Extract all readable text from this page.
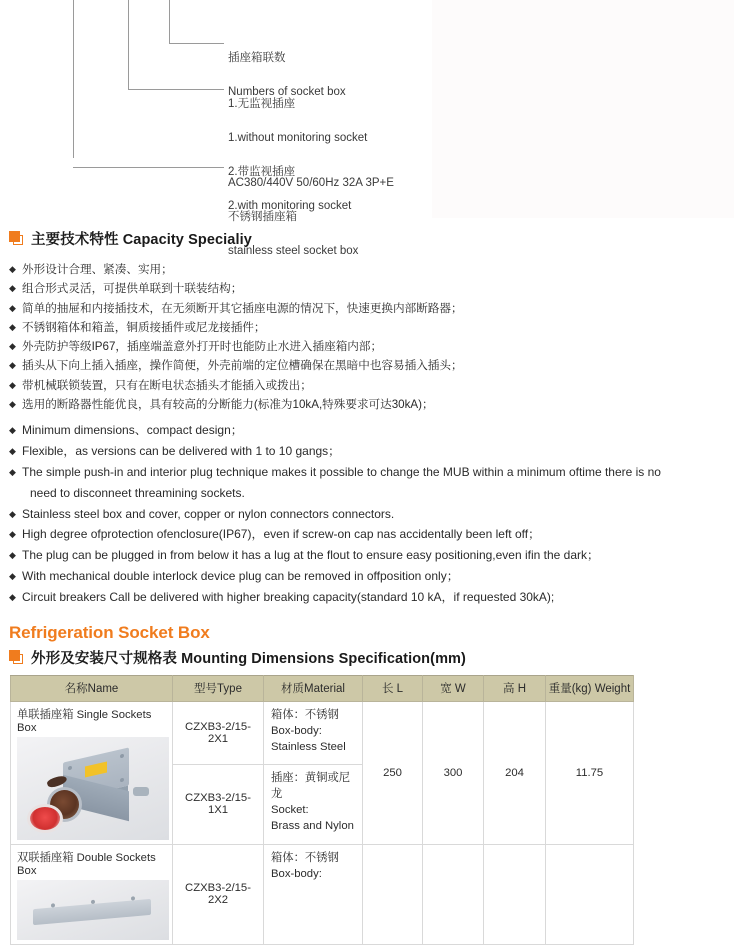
插座箱联数

Numbers of socket box

1.无监视插座

1.without monitoring socket

2.带监视插座

2.with monitoring socket

AC380/440V 50/60Hz 32A 3P+E

不锈钢插座箱

stainless steel socket box

主要技术特性 Capacity Specialiy
◆ 外形设计合理、紧凑、实用；
◆ 组合形式灵活，可提供单联到十联装结构；
◆ 简单的抽屉和内接插技术，在无须断开其它插座电源的情况下，快速更换内部断路器；
◆ 不锈钢箱体和箱盖，铜质接插件或尼龙接插件；
◆ 外壳防护等级IP67，插座端盖意外打开时也能防止水进入插座箱内部；
◆ 插头从下向上插入插座，操作简便，外壳前端的定位槽确保在黑暗中也容易插入插头；
◆ 带机械联锁装置，只有在断电状态插头才能插入或拨出；
◆ 选用的断路器性能优良，具有较高的分断能力(标准为10kA,特殊要求可达30kA)；
◆ Minimum dimensions、compact design；
◆ Flexible，as versions can be delivered with 1 to 10 gangs；
◆ The simple push-in and interior plug technique makes it possible to change the MUB within a minimum oftime there is no
need to disconneet threamining sockets.
◆ Stainless steel box and cover, copper or nylon connectors connectors.
◆ High degree ofprotection ofenclosure(IP67)，even if screw-on cap nas accidentally been left off；
◆ The plug can be plugged in from below it has a lug at the flout to ensure easy positioning,even ifin the dark；
◆ With mechanical double interlock device plug can be removed in offposition only；
◆ Circuit breakers Call be delivered with higher breaking capacity(standard 10 kA，if requested 30kA);
Refrigeration Socket Box
外形及安装尺寸规格表 Mounting Dimensions Specification(mm)
名称Name	型号Type	材质Material	长 L	宽 W	高 H	重量(kg) Weight

单联插座箱 Single Sockets Box	CZXB3-2/15-2X1	箱体：不锈钢
Box-body:
Stainless Steel	250	300	204	11.75
	CZXB3-2/15-1X1	插座：黄铜或尼龙
Socket:
Brass and Nylon				

双联插座箱 Double Sockets Box	CZXB3-2/15-2X2	箱体：不锈钢
Box-body:				
